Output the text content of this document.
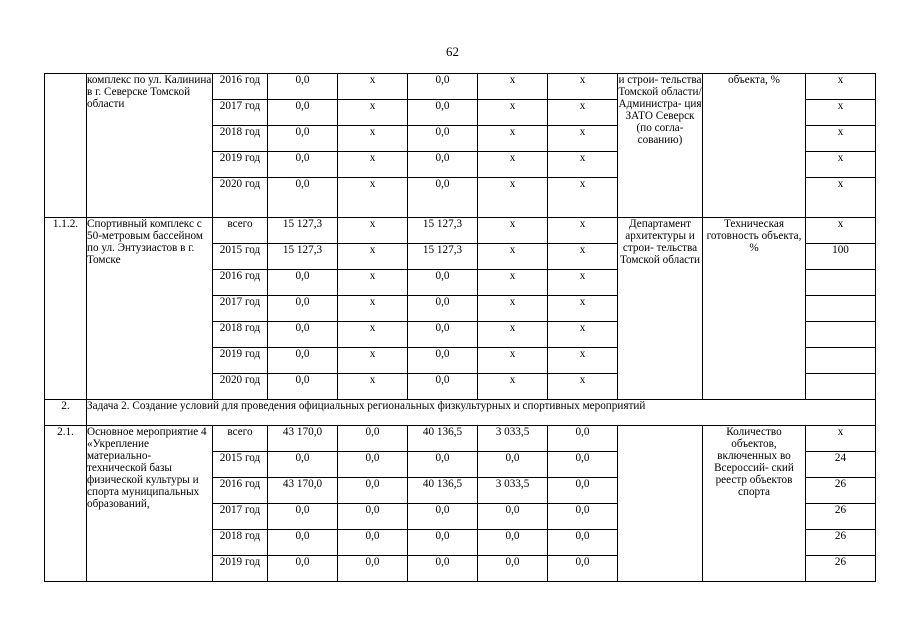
62
	комплекс по ул. Калинина в г. Северске Томской области	2016 год	0,0	x	0,0	x	x	и строи- тельства Томской области/ Администра- ция ЗАТО Северск (по согла- сованию)	объекта, %	x
		2017 год	0,0	x	0,0	x	x			x
		2018 год	0,0	x	0,0	x	x			x
		2019 год	0,0	x	0,0	x	x			x
		2020 год	0,0	x	0,0	x	x			x
1.1.2.	Спортивный комплекс с 50-метровым бассейном по ул. Энтузиастов в г. Томске	всего	15 127,3	x	15 127,3	x	x	Департамент архитектуры и строи- тельства Томской области	Техническая готовность объекта, %	x
		2015 год	15 127,3	x	15 127,3	x	x			100
		2016 год	0,0	x	0,0	x	x			
		2017 год	0,0	x	0,0	x	x			
		2018 год	0,0	x	0,0	x	x			
		2019 год	0,0	x	0,0	x	x			
		2020 год	0,0	x	0,0	x	x			
2.	Задача 2. Создание условий для проведения официальных региональных физкультурных и спортивных мероприятий									
2.1.	Основное мероприятие 4 «Укрепление материально- технической базы физической культуры и спорта муниципальных образований,	всего	43 170,0	0,0	40 136,5	3 033,5	0,0		Количество объектов, включенных во Всероссий- ский реестр объектов спорта	x
		2015 год	0,0	0,0	0,0	0,0	0,0			24
		2016 год	43 170,0	0,0	40 136,5	3 033,5	0,0			26
		2017 год	0,0	0,0	0,0	0,0	0,0			26
		2018 год	0,0	0,0	0,0	0,0	0,0			26
		2019 год	0,0	0,0	0,0	0,0	0,0			26
